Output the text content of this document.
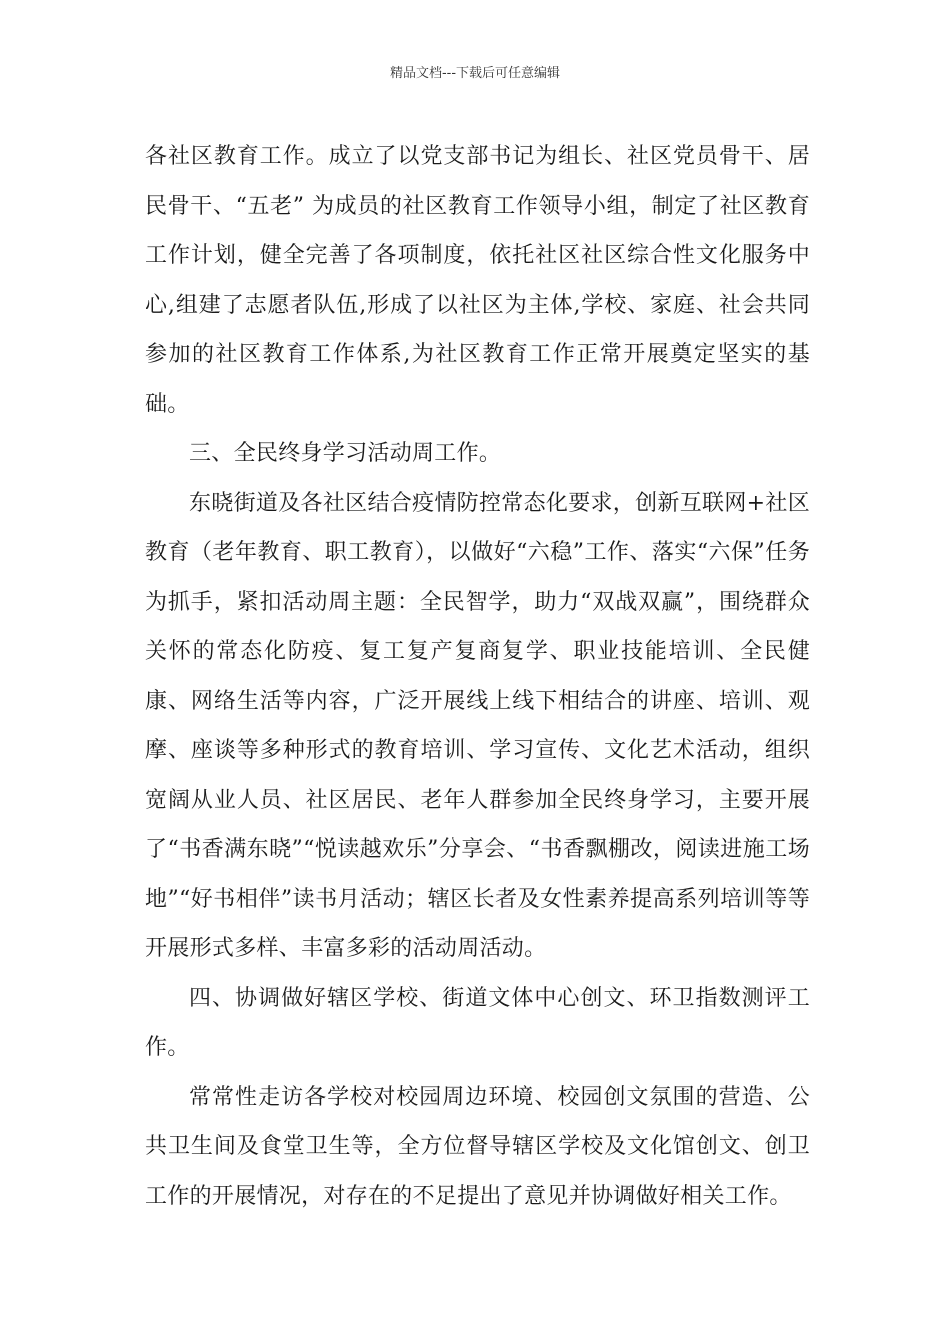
精品文档---下载后可任意编辑

各社区教育工作。成立了以党支部书记为组长、社区党员骨干、居民骨干、“五老” 为成员的社区教育工作领导小组，制定了社区教育工作计划，健全完善了各项制度，依托社区社区综合性文化服务中心,组建了志愿者队伍,形成了以社区为主体,学校、家庭、社会共同参加的社区教育工作体系,为社区教育工作正常开展奠定坚实的基础。

三、全民终身学习活动周工作。

东晓街道及各社区结合疫情防控常态化要求，创新互联网+社区教育（老年教育、职工教育），以做好“六稳”工作、落实“六保”任务为抓手，紧扣活动周主题：全民智学，助力“双战双赢”，围绕群众关怀的常态化防疫、复工复产复商复学、职业技能培训、全民健康、网络生活等内容，广泛开展线上线下相结合的讲座、培训、观摩、座谈等多种形式的教育培训、学习宣传、文化艺术活动，组织宽阔从业人员、社区居民、老年人群参加全民终身学习，主要开展了“书香满东晓”“悦读越欢乐”分享会、“书香飘棚改，阅读进施工场地”“好书相伴”读书月活动；辖区长者及女性素养提高系列培训等等开展形式多样、丰富多彩的活动周活动。

四、协调做好辖区学校、街道文体中心创文、环卫指数测评工作。

常常性走访各学校对校园周边环境、校园创文氛围的营造、公共卫生间及食堂卫生等，全方位督导辖区学校及文化馆创文、创卫工作的开展情况，对存在的不足提出了意见并协调做好相关工作。
